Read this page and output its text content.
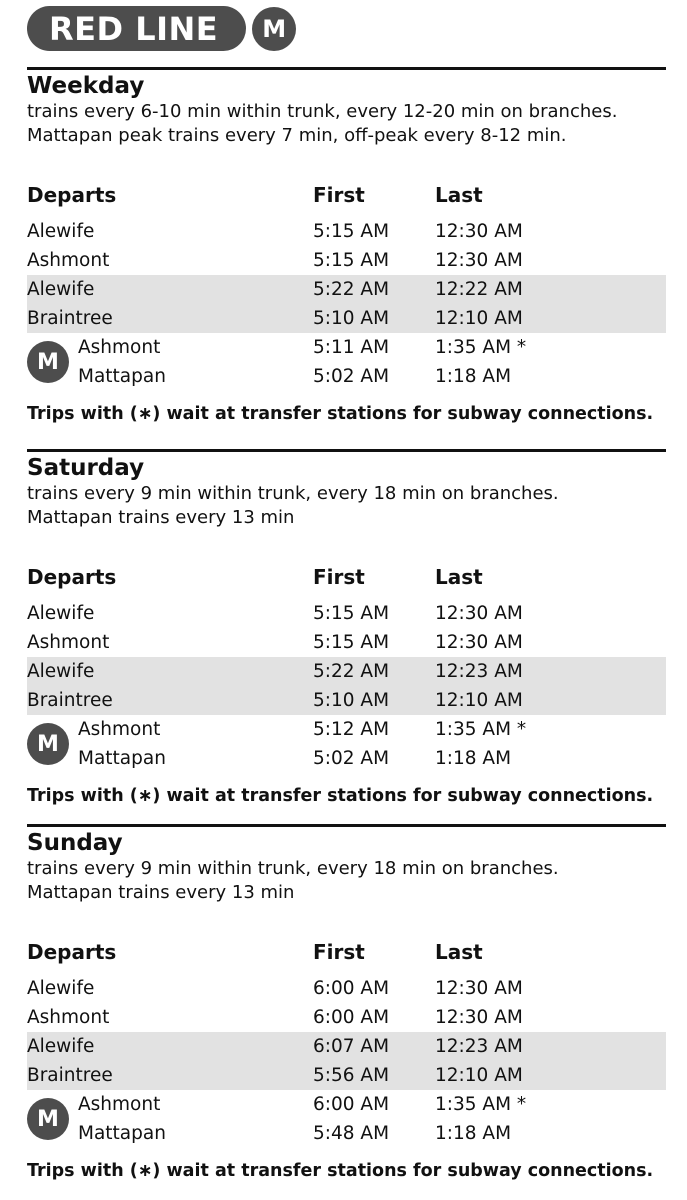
RED LINE	M
Weekday
trains every 6-10 min within trunk, every 12-20 min on branches.
Mattapan peak trains every 7 min, off-peak every 8-12 min.
Departs	First	Last
Alewife	5:15 AM 12:30 AM
Ashmont	5:15 AM 12:30 AM
Alewife	5:22 AM 12:22 AM
Braintree	5:10 AM 12:10 AM
M
Ashmont	5:11 AM 1:35 AM *
Mattapan	5:02 AM 1:18 AM
Trips with (∗) wait at transfer stations for subway connections.
Saturday
trains every 9 min within trunk, every 18 min on branches.
Mattapan trains every 13 min
Departs	First	Last
Alewife	5:15 AM 12:30 AM
Ashmont	5:15 AM 12:30 AM
Alewife	5:22 AM 12:23 AM
Braintree	5:10 AM 12:10 AM
M
Ashmont	5:12 AM 1:35 AM *
Mattapan	5:02 AM 1:18 AM
Trips with (∗) wait at transfer stations for subway connections.
Sunday
trains every 9 min within trunk, every 18 min on branches.
Mattapan trains every 13 min
Departs	First	Last
Alewife	6:00 AM 12:30 AM
Ashmont	6:00 AM 12:30 AM
Alewife	6:07 AM 12:23 AM
Braintree	5:56 AM 12:10 AM
M
Ashmont	6:00 AM 1:35 AM *
Mattapan	5:48 AM 1:18 AM
Trips with (∗) wait at transfer stations for subway connections.
